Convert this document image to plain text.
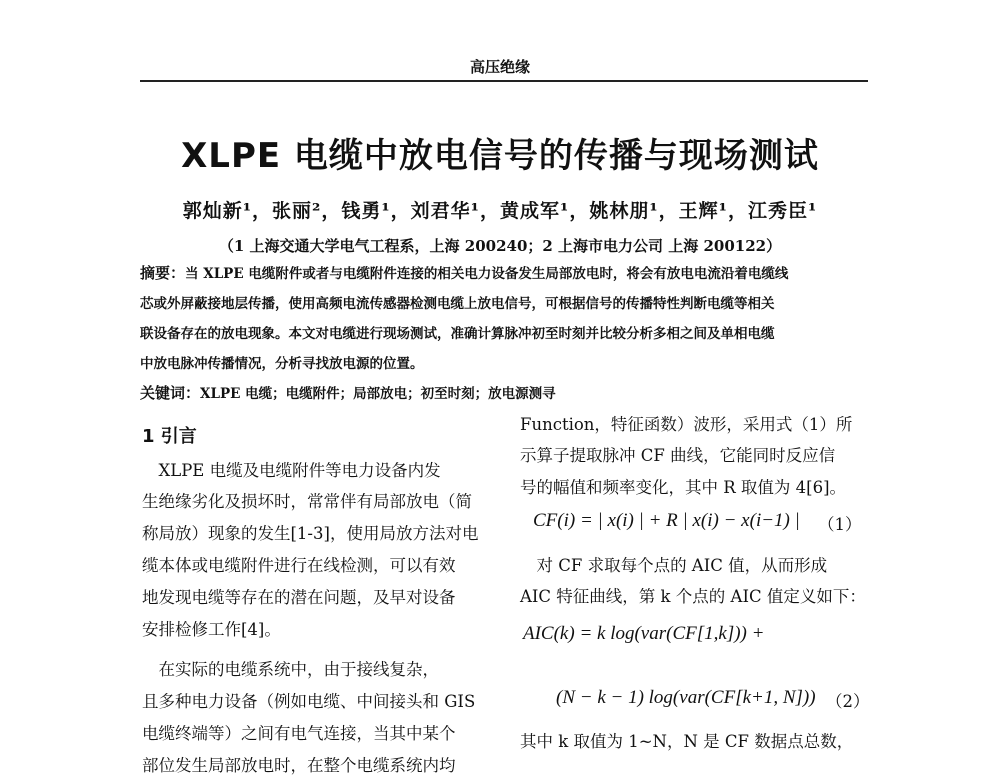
高压绝缘
XLPE 电缆中放电信号的传播与现场测试
郭灿新¹，张丽²，钱勇¹，刘君华¹，黄成军¹，姚林朋¹，王辉¹，江秀臣¹
（1 上海交通大学电气工程系，上海 200240；2 上海市电力公司 上海 200122）
摘要：当 XLPE 电缆附件或者与电缆附件连接的相关电力设备发生局部放电时，将会有放电电流沿着电缆线
芯或外屏蔽接地层传播，使用高频电流传感器检测电缆上放电信号，可根据信号的传播特性判断电缆等相关
联设备存在的放电现象。本文对电缆进行现场测试，准确计算脉冲初至时刻并比较分析多相之间及单相电缆
中放电脉冲传播情况，分析寻找放电源的位置。
关键词：XLPE 电缆；电缆附件；局部放电；初至时刻；放电源测寻
1 引言
　XLPE 电缆及电缆附件等电力设备内发
生绝缘劣化及损坏时，常常伴有局部放电（简
称局放）现象的发生[1-3]，使用局放方法对电
缆本体或电缆附件进行在线检测，可以有效
地发现电缆等存在的潜在问题，及早对设备
安排检修工作[4]。
　在实际的电缆系统中，由于接线复杂，
且多种电力设备（例如电缆、中间接头和 GIS
电缆终端等）之间有电气连接，当其中某个
部位发生局部放电时，在整个电缆系统内均
Function，特征函数）波形，采用式（1）所
示算子提取脉冲 CF 曲线，它能同时反应信
号的幅值和频率变化，其中 R 取值为 4[6]。
CF(i) = | x(i) | + R | x(i) − x(i−1) | （1）
　对 CF 求取每个点的 AIC 值，从而形成
AIC 特征曲线，第 k 个点的 AIC 值定义如下：
AIC(k) = k log(var(CF[1,k])) +
(N − k − 1) log(var(CF[k+1, N])) （2）
其中 k 取值为 1~N，N 是 CF 数据点总数，
